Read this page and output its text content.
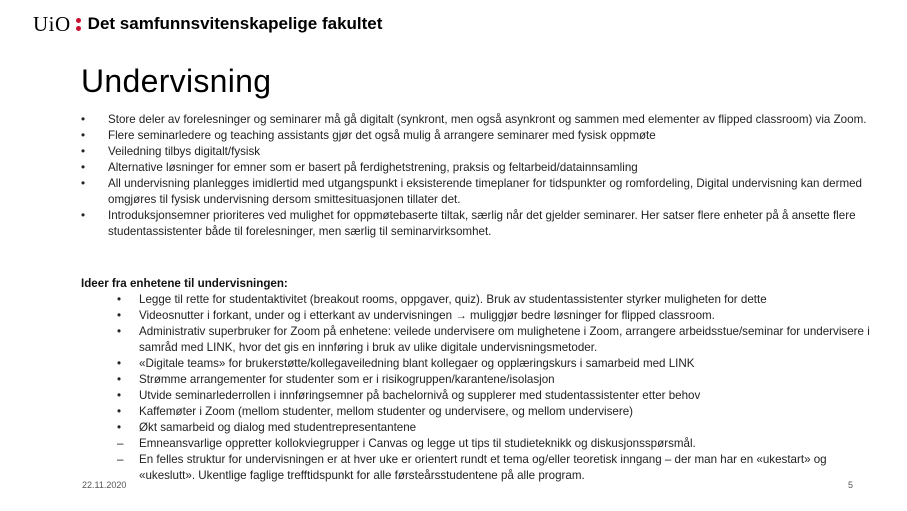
UiO Det samfunnsvitenskapelige fakultet
Undervisning
• Store deler av forelesninger og seminarer må gå digitalt (synkront, men også asynkront og sammen med elementer av flipped classroom) via Zoom.
• Flere seminarledere og teaching assistants gjør det også mulig å arrangere seminarer med fysisk oppmøte
• Veiledning tilbys digitalt/fysisk
• Alternative løsninger for emner som er basert på ferdighetstrening, praksis og feltarbeid/datainnsamling
• All undervisning planlegges imidlertid med utgangspunkt i eksisterende timeplaner for tidspunkter og romfordeling, Digital undervisning kan dermed omgjøres til fysisk undervisning dersom smittesituasjonen tillater det.
• Introduksjonsemner prioriteres ved mulighet for oppmøtebaserte tiltak, særlig når det gjelder seminarer. Her satser flere enheter på å ansette flere studentassistenter både til forelesninger, men særlig til seminarvirksomhet.
Ideer fra enhetene til undervisningen:
• Legge til rette for studentaktivitet (breakout rooms, oppgaver, quiz). Bruk av studentassistenter styrker muligheten for dette
• Videosnutter i forkant, under og i etterkant av undervisningen → muliggjør bedre løsninger for flipped classroom.
• Administrativ superbruker for Zoom på enhetene: veilede undervisere om mulighetene i Zoom, arrangere arbeidsstue/seminar for undervisere i samråd med LINK, hvor det gis en innføring i bruk av ulike digitale undervisningsmetoder.
• «Digitale teams» for brukerstøtte/kollegaveiledning blant kollegaer og opplæringskurs i samarbeid med LINK
• Strømme arrangementer for studenter som er i risikogruppen/karantene/isolasjon
• Utvide seminarlederrollen i innføringsemner på bachelornivå og supplerer med studentassistenter etter behov
• Kaffemøter i Zoom (mellom studenter, mellom studenter og undervisere, og mellom undervisere)
• Økt samarbeid og dialog med studentrepresentantene
– Emneansvarlige oppretter kollokviegrupper i Canvas og legge ut tips til studieteknikk og diskusjonsspørsmål.
– En felles struktur for undervisningen er at hver uke er orientert rundt et tema og/eller teoretisk inngang – der man har en «ukestart» og «ukeslutt». Ukentlige faglige trefftidspunkt for alle førsteårsstudentene på alle program.
22.11.2020	5
